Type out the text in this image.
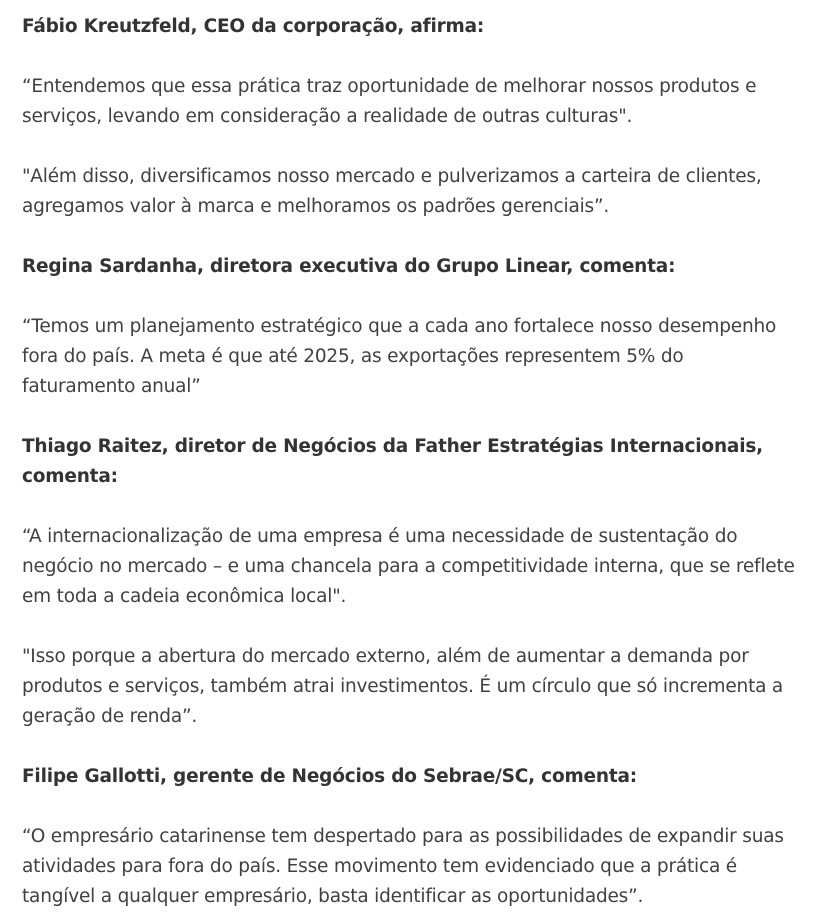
Fábio Kreutzfeld, CEO da corporação, afirma:

“Entendemos que essa prática traz oportunidade de melhorar nossos produtos e serviços, levando em consideração a realidade de outras culturas".

"Além disso, diversificamos nosso mercado e pulverizamos a carteira de clientes, agregamos valor à marca e melhoramos os padrões gerenciais”.

Regina Sardanha, diretora executiva do Grupo Linear, comenta:

“Temos um planejamento estratégico que a cada ano fortalece nosso desempenho fora do país. A meta é que até 2025, as exportações representem 5% do faturamento anual”

Thiago Raitez, diretor de Negócios da Father Estratégias Internacionais, comenta:

“A internacionalização de uma empresa é uma necessidade de sustentação do negócio no mercado – e uma chancela para a competitividade interna, que se reflete em toda a cadeia econômica local".

"Isso porque a abertura do mercado externo, além de aumentar a demanda por produtos e serviços, também atrai investimentos. É um círculo que só incrementa a geração de renda”.

Filipe Gallotti, gerente de Negócios do Sebrae/SC, comenta:

“O empresário catarinense tem despertado para as possibilidades de expandir suas atividades para fora do país. Esse movimento tem evidenciado que a prática é tangível a qualquer empresário, basta identificar as oportunidades”.
